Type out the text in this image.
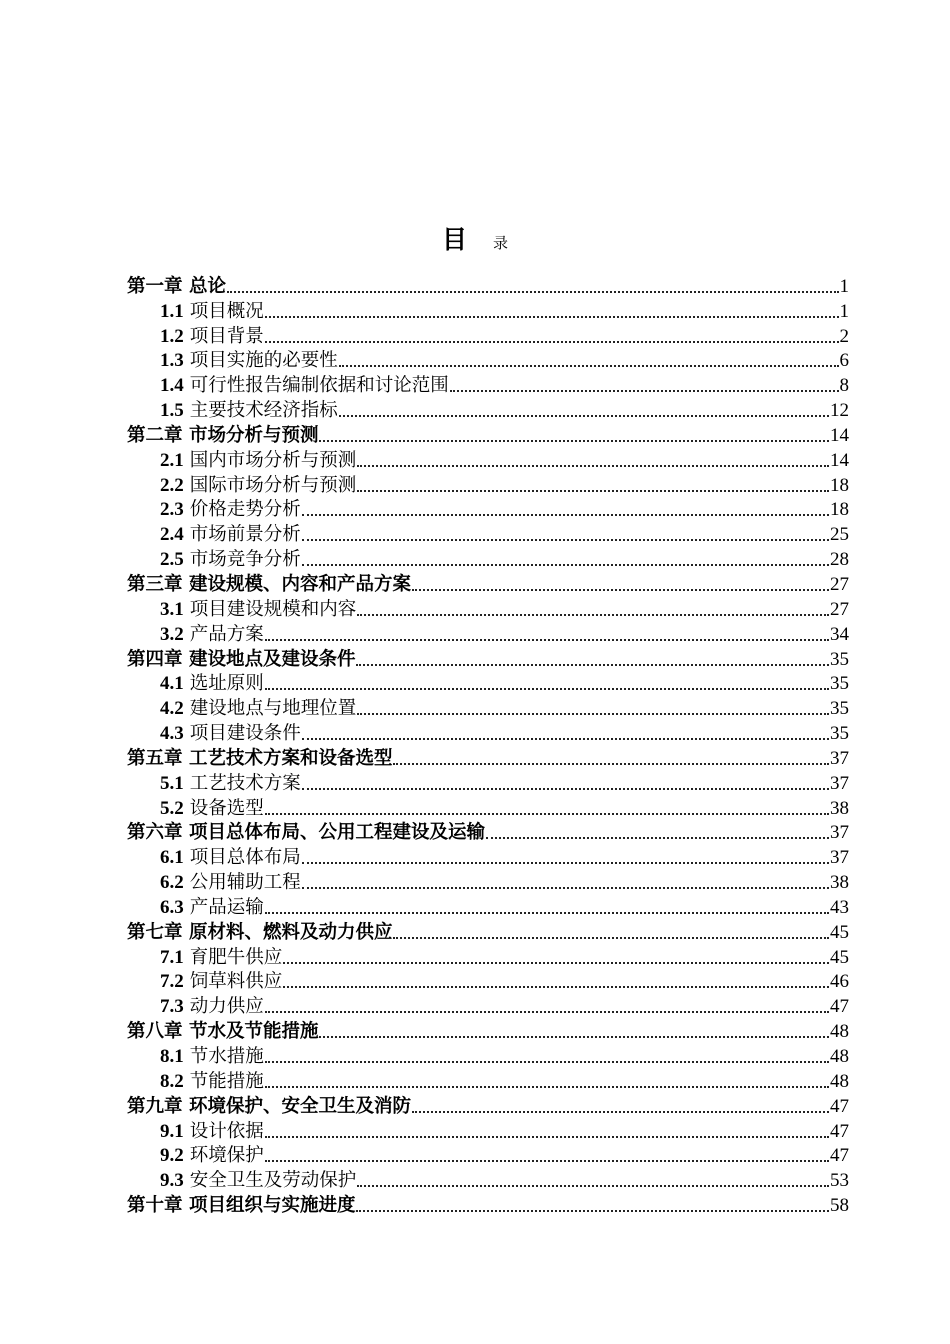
目 录
第一章 总论	1
1.1 项目概况	1
1.2 项目背景	2
1.3 项目实施的必要性	6
1.4 可行性报告编制依据和讨论范围	8
1.5 主要技术经济指标	12
第二章 市场分析与预测	14
2.1 国内市场分析与预测	14
2.2 国际市场分析与预测	18
2.3 价格走势分析	18
2.4 市场前景分析	25
2.5 市场竞争分析	28
第三章 建设规模、内容和产品方案	27
3.1 项目建设规模和内容	27
3.2 产品方案	34
第四章 建设地点及建设条件	35
4.1 选址原则	35
4.2 建设地点与地理位置	35
4.3 项目建设条件	35
第五章 工艺技术方案和设备选型	37
5.1 工艺技术方案	37
5.2 设备选型	38
第六章 项目总体布局、公用工程建设及运输	37
6.1 项目总体布局	37
6.2 公用辅助工程	38
6.3 产品运输	43
第七章 原材料、燃料及动力供应	45
7.1 育肥牛供应	45
7.2 饲草料供应	46
7.3 动力供应	47
第八章 节水及节能措施	48
8.1 节水措施	48
8.2 节能措施	48
第九章 环境保护、安全卫生及消防	47
9.1 设计依据	47
9.2 环境保护	47
9.3 安全卫生及劳动保护	53
第十章 项目组织与实施进度	58
